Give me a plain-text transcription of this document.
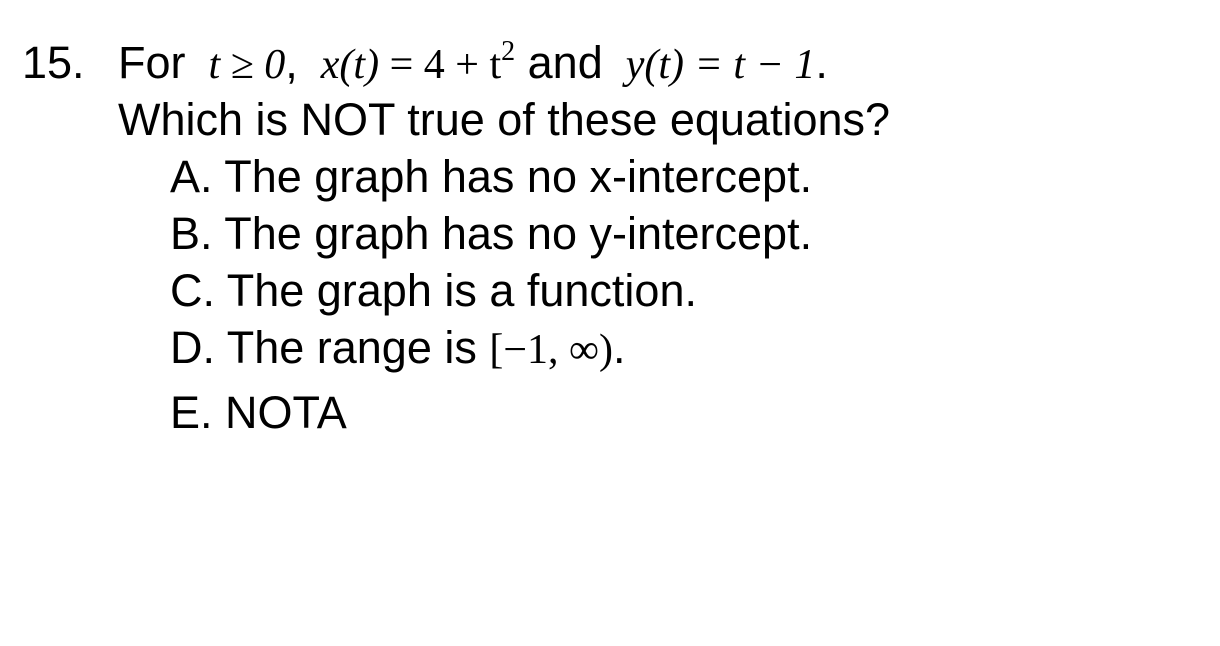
15. For t ≥ 0, $x(t) = 4 + t^2$ and y(t) = t − 1.
Which is NOT true of these equations?
A. The graph has no x-intercept.
B. The graph has no y-intercept.
C. The graph is a function.
D. The range is [−1, ∞).
E. NOTA
